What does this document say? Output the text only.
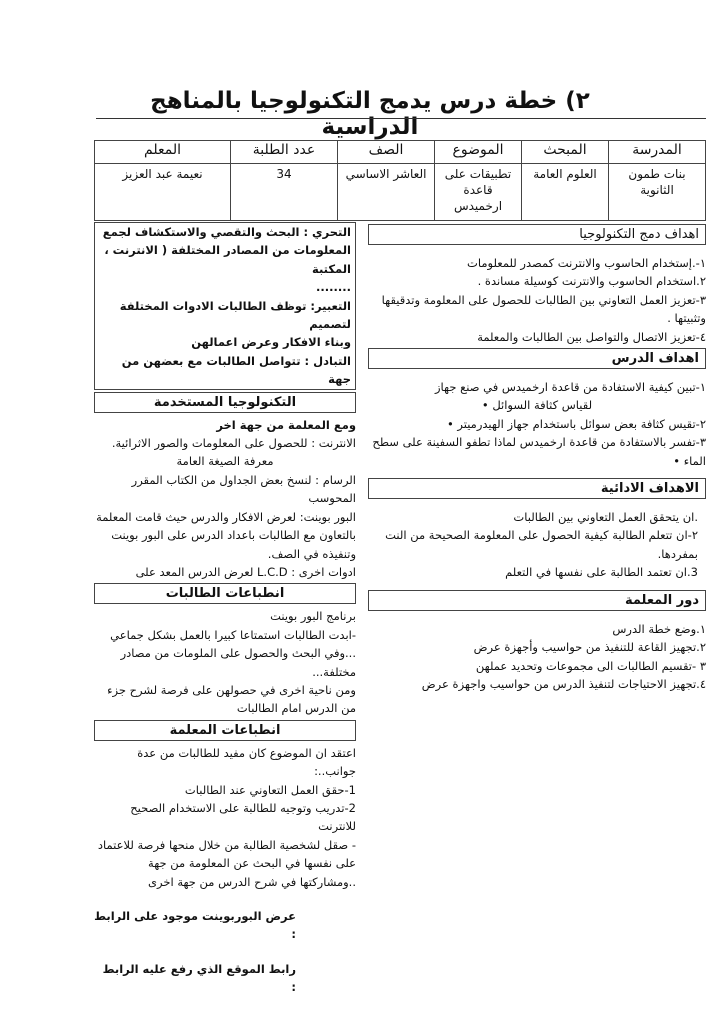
٢) خطة درس يدمج التكنولوجيا بالمناهج الدراسية
المدرسة	المبحث	الموضوع	الصف	عدد الطلبة	المعلم
بنات طمون الثانوية	العلوم العامة	تطبيقات على قاعدة ارخميدس	العاشر الاساسي	34	نعيمة عبد العزيز
اهداف دمج التكنولوجيا

١-.إستخدام الحاسوب والانترنت كمصدر للمعلومات

٢.استخدام الحاسوب والانترنت كوسيلة مساندة .

٣-تعزيز العمل التعاوني بين الطالبات للحصول على المعلومة وتدقيقها وتثبيتها .

٤-تعزيز الاتصال والتواصل بين الطالبات والمعلمة

اهداف الدرس

١-تبين كيفية الاستفادة من قاعدة ارخميدس في صنع جهاز

لقياس كثافة السوائل •

٢-تقيس كثافة بعض سوائل باستخدام جهاز الهيدرميتر •

٣-تفسر بالاستفادة من قاعدة ارخميدس لماذا تطفو السفينة على سطح الماء •

الاهداف الادائية

.ان يتحقق العمل التعاوني بين الطالبات

٢-ان تتعلم الطالبة كيفية الحصول على المعلومة الصحيحة من النت بمفردها.

3.ان تعتمد الطالبة على نفسها في التعلم

دور المعلمة

١.وضع خطة الدرس

٢.تجهيز القاعة للتنفيذ من حواسيب وأجهزة عرض

٣ -تقسيم الطالبات الى مجموعات وتحديد عملهن

٤.تجهيز الاحتياجات لتنفيذ الدرس من حواسيب واجهزة عرض

التحري : البحث والتقصي والاستكشاف لجمع

المعلومات من المصادر المختلفة ( الانترنت ، المكتبة

........

التعبير: توظف الطالبات الادوات المختلفة لتصميم

وبناء الافكار وعرض اعمالهن

التبادل : تتواصل الطالبات مع بعضهن من جهة

التكنولوجيا المستخدمة

ومع المعلمة من جهة اخر

الانترنت : للحصول على المعلومات والصور الاثرائية.

معرفة الصيغة العامة

الرسام : لنسخ بعض الجداول من الكتاب المقرر المحوسب

البور بوينت: لعرض الافكار والدرس حيث قامت المعلمة بالتعاون مع الطالبات باعداد الدرس على البور بوينت وتنفيذه في الصف.

ادوات اخرى : L.C.D لعرض الدرس المعد على

انطباعات الطالبات

برنامج البور بوينت

-ابدت الطالبات استمتاعا كبيرا بالعمل بشكل جماعي ...وفي البحث والحصول على الملومات من مصادر مختلفة...

ومن ناحية اخرى في حصولهن على فرصة لشرح جزء من الدرس امام الطالبات

انطباعات المعلمة

اعتقد ان الموضوع كان مفيد للطالبات من عدة جوانب..:

1-حقق العمل التعاوني عند الطالبات

2-تدريب وتوجيه للطالبة على الاستخدام الصحيح للانترنت

- صقل لشخصية الطالبة من خلال منحها فرصة للاعتماد على نفسها في البحث عن المعلومة من جهة ..ومشاركتها في شرح الدرس من جهة اخرى

عرض البوربوينت موجود على الرابط :

رابط الموقع الذي رفع عليه الرابط :
